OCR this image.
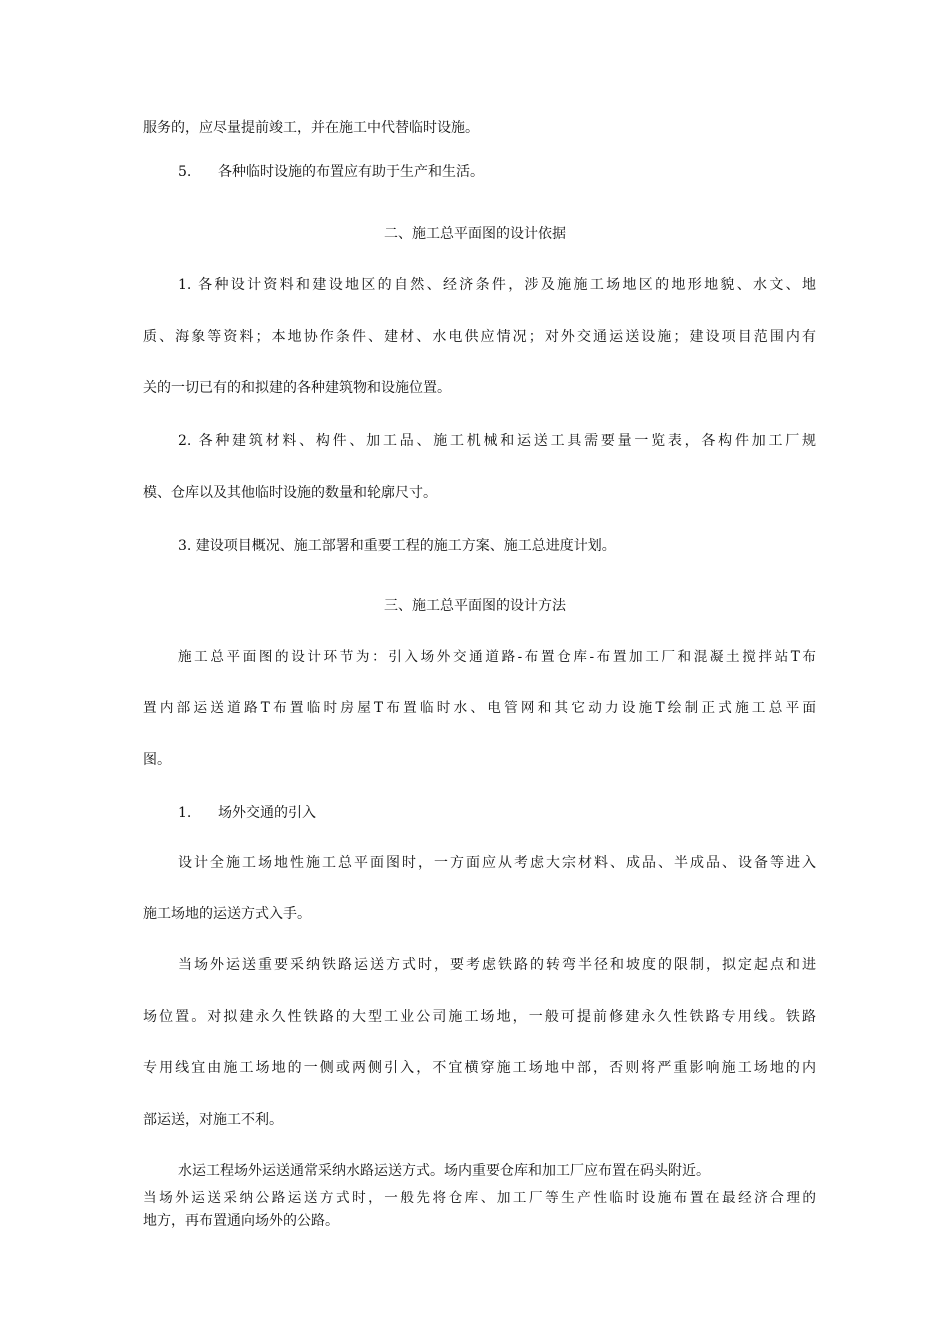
服务的，应尽量提前竣工，并在施工中代替临时设施。
5. 各种临时设施的布置应有助于生产和生活。
二、施工总平面图的设计依据
1. 各种设计资料和建设地区的自然、经济条件，涉及施施工场地区的地形地貌、水文、地
质、海象等资料；本地协作条件、建材、水电供应情况；对外交通运送设施；建设项目范围内有
关的一切已有的和拟建的各种建筑物和设施位置。
2. 各种建筑材料、构件、加工品、施工机械和运送工具需要量一览表，各构件加工厂规
模、仓库以及其他临时设施的数量和轮廓尺寸。
3. 建设项目概况、施工部署和重要工程的施工方案、施工总进度计划。
三、施工总平面图的设计方法
施工总平面图的设计环节为：引入场外交通道路-布置仓库-布置加工厂和混凝土搅拌站T布
置内部运送道路T布置临时房屋T布置临时水、电管网和其它动力设施T绘制正式施工总平面
图。
1. 场外交通的引入
设计全施工场地性施工总平面图时，一方面应从考虑大宗材料、成品、半成品、设备等进入
施工场地的运送方式入手。
当场外运送重要采纳铁路运送方式时，要考虑铁路的转弯半径和坡度的限制，拟定起点和进
场位置。对拟建永久性铁路的大型工业公司施工场地，一般可提前修建永久性铁路专用线。铁路
专用线宜由施工场地的一侧或两侧引入，不宜横穿施工场地中部，否则将严重影响施工场地的内
部运送，对施工不利。
水运工程场外运送通常采纳水路运送方式。场内重要仓库和加工厂应布置在码头附近。
当场外运送采纳公路运送方式时，一般先将仓库、加工厂等生产性临时设施布置在最经济合理的
地方，再布置通向场外的公路。
